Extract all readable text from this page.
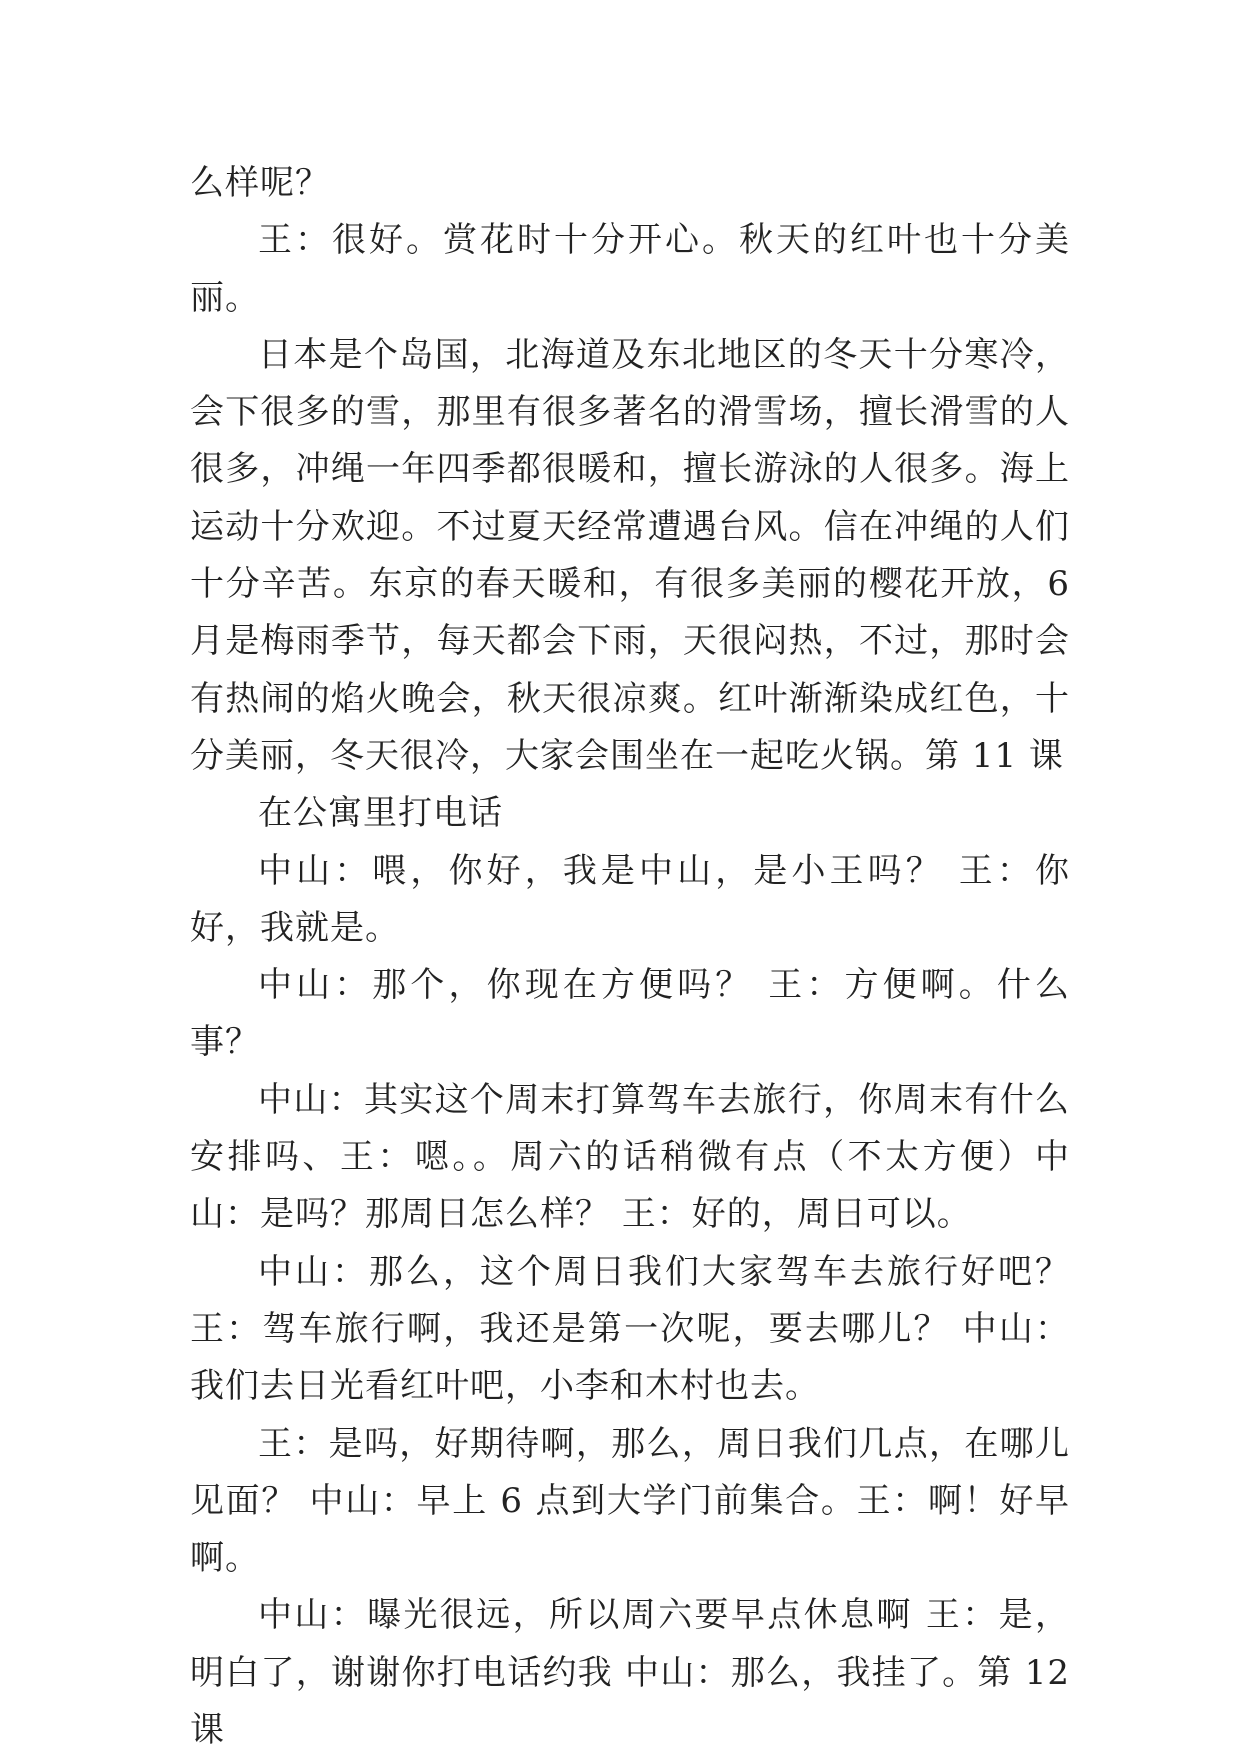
么样呢？

王：很好。赏花时十分开心。秋天的红叶也十分美丽。

日本是个岛国，北海道及东北地区的冬天十分寒冷，会下很多的雪，那里有很多著名的滑雪场，擅长滑雪的人很多，冲绳一年四季都很暖和，擅长游泳的人很多。海上运动十分欢迎。不过夏天经常遭遇台风。信在冲绳的人们十分辛苦。东京的春天暖和，有很多美丽的樱花开放，6 月是梅雨季节，每天都会下雨，天很闷热，不过，那时会有热闹的焰火晚会，秋天很凉爽。红叶渐渐染成红色，十分美丽，冬天很冷，大家会围坐在一起吃火锅。第 11 课

在公寓里打电话

中山：喂，你好，我是中山，是小王吗？ 王：你好，我就是。

中山：那个，你现在方便吗？ 王：方便啊。什么事？

中山：其实这个周末打算驾车去旅行，你周末有什么安排吗、王：嗯。。周六的话稍微有点（不太方便）中山：是吗？那周日怎么样？ 王：好的，周日可以。

中山：那么，这个周日我们大家驾车去旅行好吧？ 王：驾车旅行啊，我还是第一次呢，要去哪儿？ 中山：我们去日光看红叶吧，小李和木村也去。

王：是吗，好期待啊，那么，周日我们几点，在哪儿见面？ 中山：早上 6 点到大学门前集合。王：啊！好早啊。

中山：曝光很远，所以周六要早点休息啊 王：是，明白了，谢谢你打电话约我 中山：那么，我挂了。第 12 课
